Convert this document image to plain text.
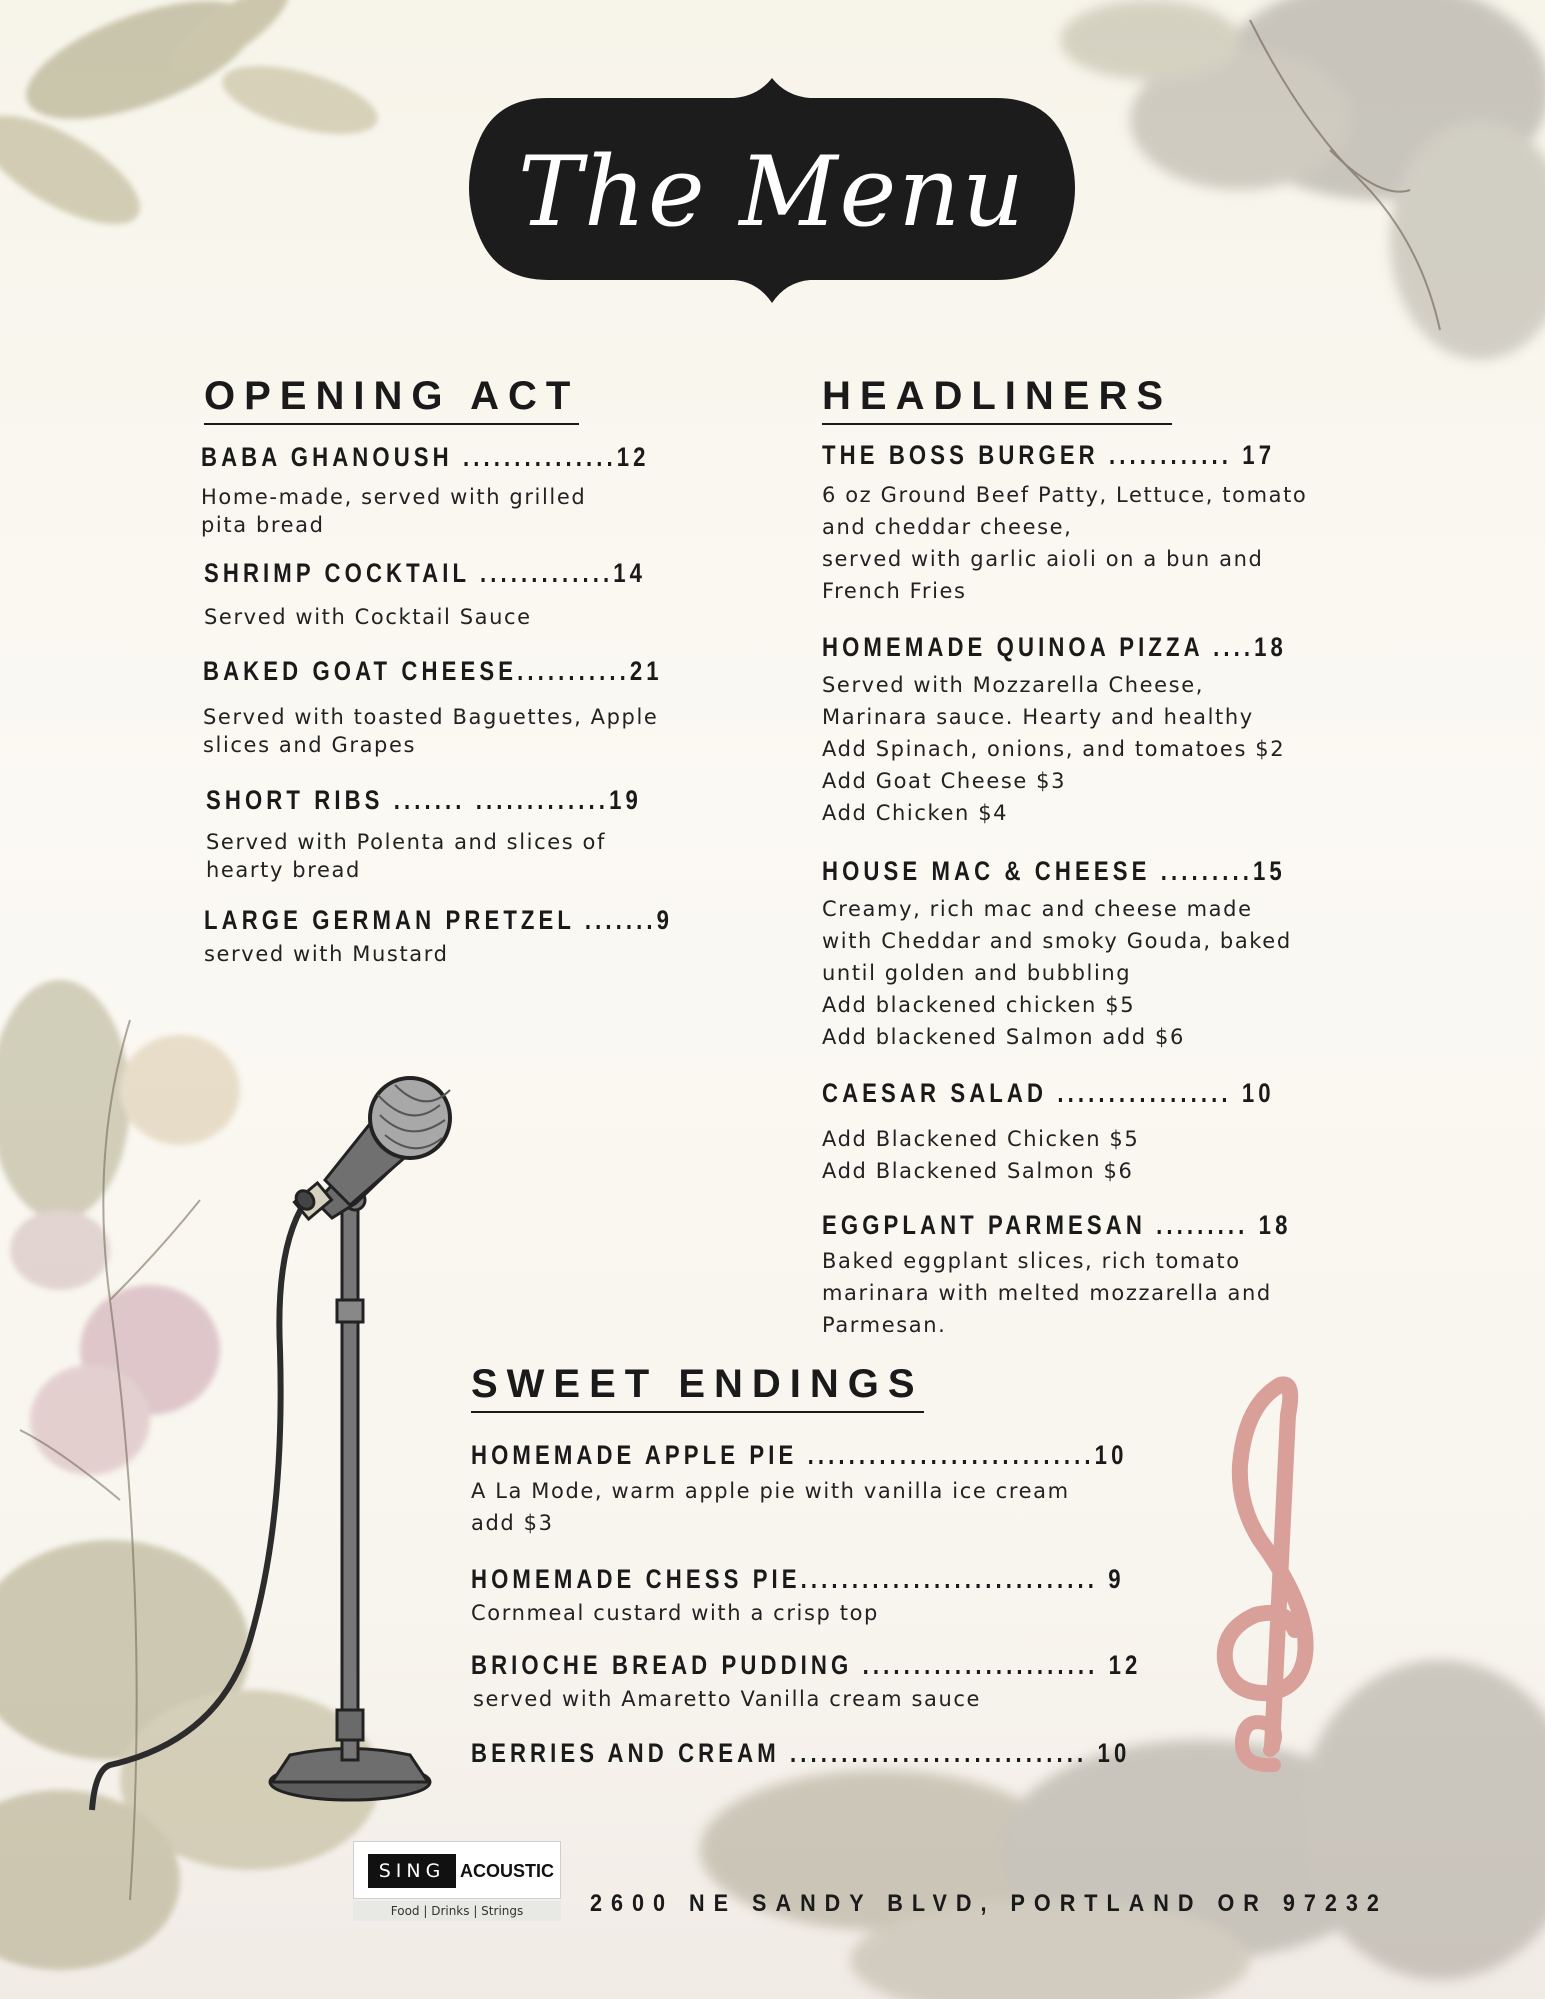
The Menu
OPENING ACT
BABA GHANOUSH ...............12
Home-made, served with grilled
pita bread
SHRIMP COCKTAIL .............14
Served with Cocktail Sauce
BAKED GOAT CHEESE...........21
Served with toasted Baguettes, Apple
slices and Grapes
SHORT RIBS ....... .............19
Served with Polenta and slices of
hearty bread
LARGE GERMAN PRETZEL .......9
served with Mustard
HEADLINERS
THE BOSS BURGER ............ 17
6 oz Ground Beef Patty, Lettuce, tomato
and cheddar cheese,
served with garlic aioli on a bun and
French Fries
HOMEMADE QUINOA PIZZA ....18
Served with Mozzarella Cheese,
Marinara sauce. Hearty and healthy
Add Spinach, onions, and tomatoes $2
Add Goat Cheese $3
Add Chicken $4
HOUSE MAC & CHEESE .........15
Creamy, rich mac and cheese made
with Cheddar and smoky Gouda, baked
until golden and bubbling
Add blackened chicken $5
Add blackened Salmon add $6
CAESAR SALAD ................. 10
Add Blackened Chicken $5
Add Blackened Salmon $6
EGGPLANT PARMESAN ......... 18
Baked eggplant slices, rich tomato
marinara with melted mozzarella and
Parmesan.
SWEET ENDINGS
HOMEMADE APPLE PIE ............................10
A La Mode, warm apple pie with vanilla ice cream
add $3
HOMEMADE CHESS PIE............................. 9
Cornmeal custard with a crisp top
BRIOCHE BREAD PUDDING ....................... 12
served with Amaretto Vanilla cream sauce
BERRIES AND CREAM ............................. 10
SING ACOUSTIC
Food | Drinks | Strings	2600 NE SANDY BLVD, PORTLAND OR 97232
